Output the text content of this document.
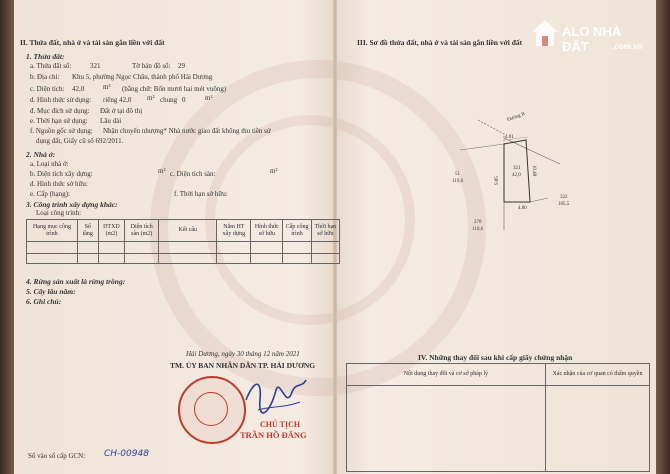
II. Thửa đất, nhà ở và tài sản gắn liền với đất
1. Thửa đất:
a. Thửa đất số:	321	Tờ bản đồ số: 29
b. Địa chỉ: Khu 5, phường Ngọc Châu, thành phố Hải Dương
c. Diện tích: 42,0	m² (bằng chữ: Bốn mươi hai mét vuông)
d. Hình thức sử dụng: riêng 42,0 m² chung 0	m²
đ. Mục đích sử dụng: Đất ở tại đô thị
e. Thời hạn sử dụng: Lâu dài
f. Nguồn gốc sử dụng: Nhận chuyển nhượng* Nhà nước giao đất không thu tiền sử
dụng đất, Giấy cũ số 692/2011.
2. Nhà ở:
a. Loại nhà ở:
b. Diện tích xây dựng:	m² c. Diện tích sàn:	m²
d. Hình thức sở hữu:
e. Cấp (hạng):	f. Thời hạn sở hữu:
3. Công trình xây dựng khác:
Loại công trình:
Hạng mục công trình	Số tầng	DTXD (m2)	Diện tích sàn (m2)	Kết cấu	Năm HT xây dựng	Hình thức sở hữu	Cấp công trình	Thời hạn sở hữu

4. Rừng sản xuất là rừng trồng:
5. Cây lâu năm:
6. Ghi chú:
Hải Dương, ngày 30 tháng 12 năm 2021
TM. ỦY BAN NHÂN DÂN TP. HẢI DƯƠNG
CHỦ TỊCH
TRẦN HỒ ĐĂNG
Số vào sổ cấp GCN: CH-00948
III. Sơ đồ thửa đất, nhà ở và tài sản gắn liền với đất
Đường B
4.01
10.48
9.85
4.00
321
42,0
51
119,6
322
105,5
270
110,6
IV. Những thay đổi sau khi cấp giấy chứng nhận
Nội dung thay đổi và cơ sở pháp lý	Xác nhận của cơ quan có thẩm quyền

ALO NHÀ ĐẤT	.com.vn
